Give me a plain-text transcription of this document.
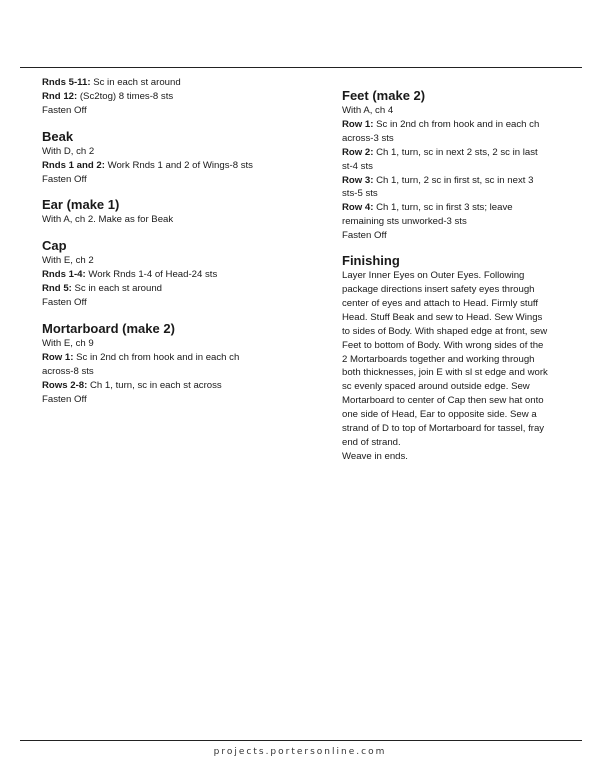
Rnds 5-11: Sc in each st around
Rnd 12: (Sc2tog) 8 times-8 sts
Fasten Off
Beak
With D, ch 2
Rnds 1 and 2: Work Rnds 1 and 2 of Wings-8 sts
Fasten Off
Ear (make 1)
With A, ch 2. Make as for Beak
Cap
With E, ch 2
Rnds 1-4: Work Rnds 1-4 of Head-24 sts
Rnd 5: Sc in each st around
Fasten Off
Mortarboard (make 2)
With E, ch 9
Row 1: Sc in 2nd ch from hook and in each ch
across-8 sts
Rows 2-8: Ch 1, turn, sc in each st across
Fasten Off
Feet (make 2)
With A, ch 4
Row 1: Sc in 2nd ch from hook and in each ch
across-3 sts
Row 2: Ch 1, turn, sc in next 2 sts, 2 sc in last
st-4 sts
Row 3: Ch 1, turn, 2 sc in first st, sc in next 3
sts-5 sts
Row 4: Ch 1, turn, sc in first 3 sts; leave
remaining sts unworked-3 sts
Fasten Off
Finishing
Layer Inner Eyes on Outer Eyes. Following
package directions insert safety eyes through
center of eyes and attach to Head. Firmly stuff
Head. Stuff Beak and sew to Head. Sew Wings
to sides of Body. With shaped edge at front, sew
Feet to bottom of Body. With wrong sides of the
2 Mortarboards together and working through
both thicknesses, join E with sl st edge and work
sc evenly spaced around outside edge. Sew
Mortarboard to center of Cap then sew hat onto
one side of Head, Ear to opposite side. Sew a
strand of D to top of Mortarboard for tassel, fray
end of strand.
Weave in ends.
projects.portersonline.com
